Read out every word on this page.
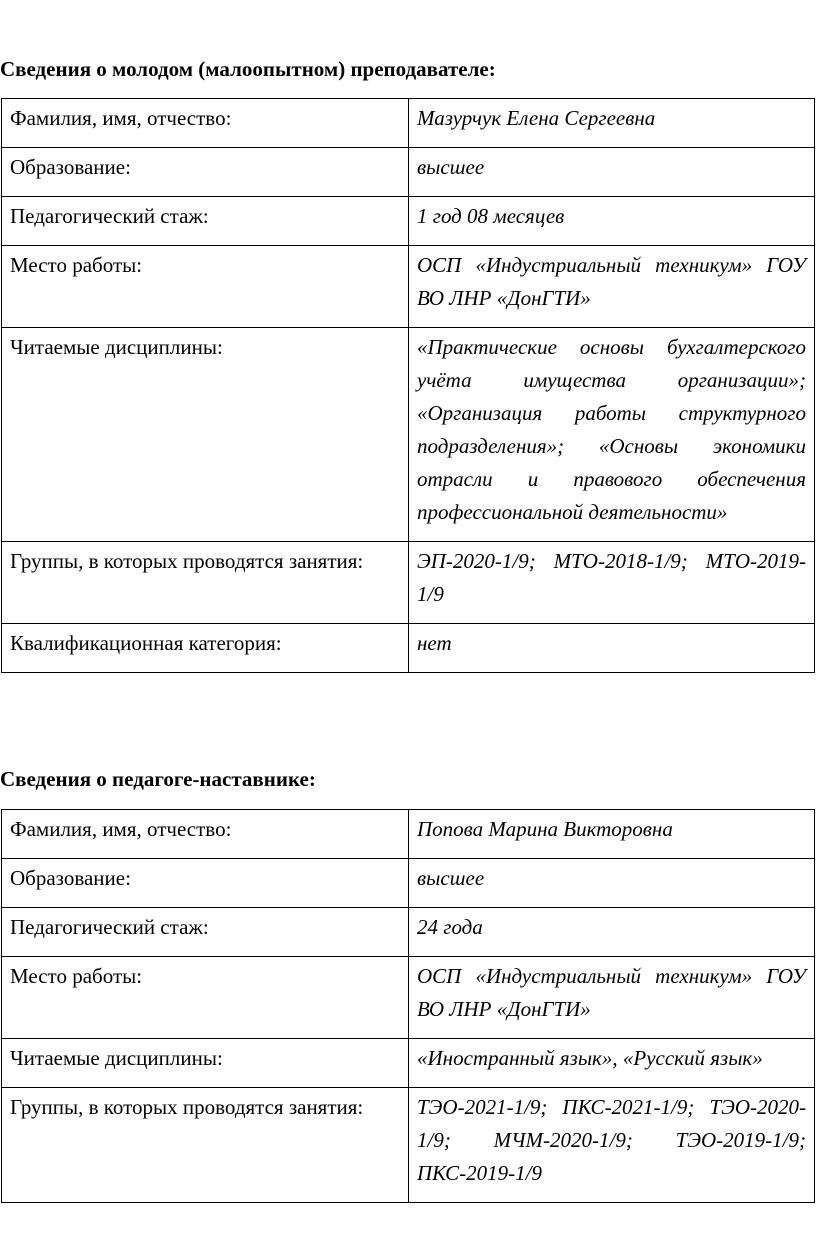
Сведения о молодом (малоопытном) преподавателе:
Фамилия, имя, отчество:	Мазурчук Елена Сергеевна
Образование:	высшее
Педагогический стаж:	1 год 08 месяцев
Место работы:	ОСП «Индустриальный техникум» ГОУ ВО ЛНР «ДонГТИ»
Читаемые дисциплины:	«Практические основы бухгалтерского учёта имущества организации»; «Организация работы структурного подразделения»; «Основы экономики отрасли и правового обеспечения профессиональной деятельности»
Группы, в которых проводятся занятия:	ЭП-2020-1/9; МТО-2018-1/9; МТО-2019-1/9
Квалификационная категория:	нет
Сведения о педагоге-наставнике:
Фамилия, имя, отчество:	Попова Марина Викторовна
Образование:	высшее
Педагогический стаж:	24 года
Место работы:	ОСП «Индустриальный техникум» ГОУ ВО ЛНР «ДонГТИ»
Читаемые дисциплины:	«Иностранный язык», «Русский язык»
Группы, в которых проводятся занятия:	ТЭО-2021-1/9; ПКС-2021-1/9; ТЭО-2020-1/9; МЧМ-2020-1/9; ТЭО-2019-1/9; ПКС-2019-1/9
